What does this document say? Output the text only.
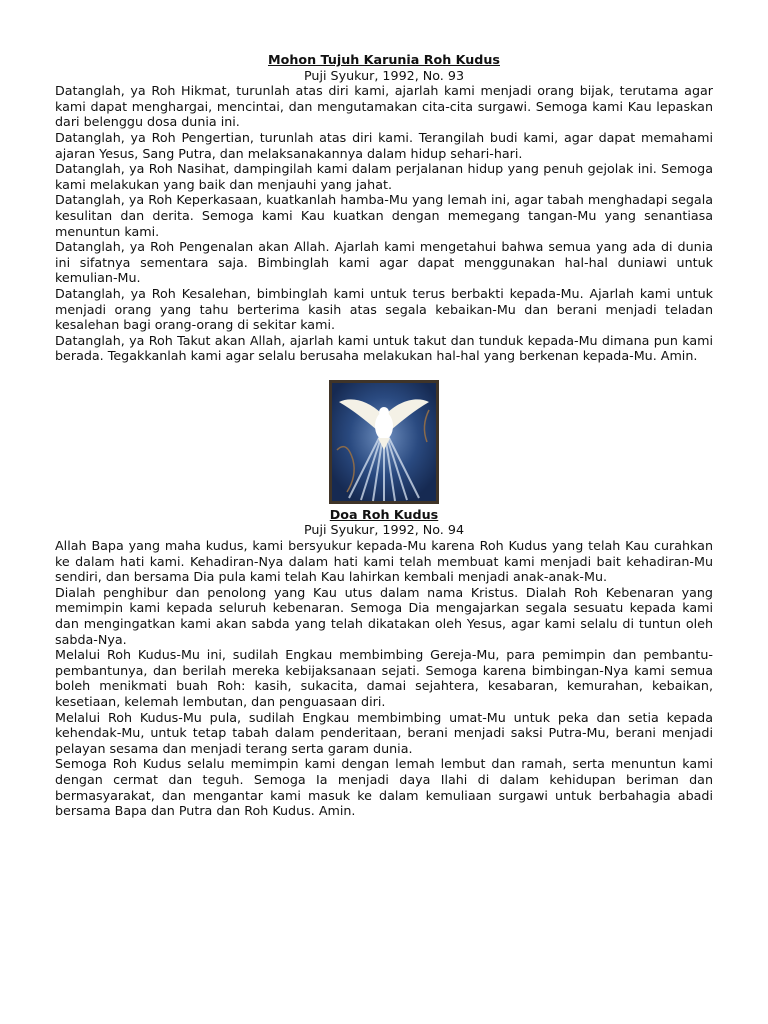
Mohon Tujuh Karunia Roh Kudus

Puji Syukur, 1992, No. 93

Datanglah, ya Roh Hikmat, turunlah atas diri kami, ajarlah kami menjadi orang bijak, terutama agar kami dapat menghargai, mencintai, dan mengutamakan cita-cita surgawi. Semoga kami Kau lepaskan dari belenggu dosa dunia ini.

Datanglah, ya Roh Pengertian, turunlah atas diri kami. Terangilah budi kami, agar dapat memahami ajaran Yesus, Sang Putra, dan melaksanakannya dalam hidup sehari-hari.

Datanglah, ya Roh Nasihat, dampingilah kami dalam perjalanan hidup yang penuh gejolak ini. Semoga kami melakukan yang baik dan menjauhi yang jahat.

Datanglah, ya Roh Keperkasaan, kuatkanlah hamba-Mu yang lemah ini, agar tabah menghadapi segala kesulitan dan derita. Semoga kami Kau kuatkan dengan memegang tangan-Mu yang senantiasa menuntun kami.

Datanglah, ya Roh Pengenalan akan Allah. Ajarlah kami mengetahui bahwa semua yang ada di dunia ini sifatnya sementara saja. Bimbinglah kami agar dapat menggunakan hal-hal duniawi untuk kemulian-Mu.

Datanglah, ya Roh Kesalehan, bimbinglah kami untuk terus berbakti kepada-Mu. Ajarlah kami untuk menjadi orang yang tahu berterima kasih atas segala kebaikan-Mu dan berani menjadi teladan kesalehan bagi orang-orang di sekitar kami.

Datanglah, ya Roh Takut akan Allah, ajarlah kami untuk takut dan tunduk kepada-Mu dimana pun kami berada. Tegakkanlah kami agar selalu berusaha melakukan hal-hal yang berkenan kepada-Mu. Amin.

Doa Roh Kudus

Puji Syukur, 1992, No. 94

Allah Bapa yang maha kudus, kami bersyukur kepada-Mu karena Roh Kudus yang telah Kau curahkan ke dalam hati kami. Kehadiran-Nya dalam hati kami telah membuat kami menjadi bait kehadiran-Mu sendiri, dan bersama Dia pula kami telah Kau lahirkan kembali menjadi anak-anak-Mu.

Dialah penghibur dan penolong yang Kau utus dalam nama Kristus. Dialah Roh Kebenaran yang memimpin kami kepada seluruh kebenaran. Semoga Dia mengajarkan segala sesuatu kepada kami dan mengingatkan kami akan sabda yang telah dikatakan oleh Yesus, agar kami selalu di tuntun oleh sabda-Nya.

Melalui Roh Kudus-Mu ini, sudilah Engkau membimbing Gereja-Mu, para pemimpin dan pembantu-pembantunya, dan berilah mereka kebijaksanaan sejati. Semoga karena bimbingan-Nya kami semua boleh menikmati buah Roh: kasih, sukacita, damai sejahtera, kesabaran, kemurahan, kebaikan, kesetiaan, kelemah lembutan, dan penguasaan diri.

Melalui Roh Kudus-Mu pula, sudilah Engkau membimbing umat-Mu untuk peka dan setia kepada kehendak-Mu, untuk tetap tabah dalam penderitaan, berani menjadi saksi Putra-Mu, berani menjadi pelayan sesama dan menjadi terang serta garam dunia.

Semoga Roh Kudus selalu memimpin kami dengan lemah lembut dan ramah, serta menuntun kami dengan cermat dan teguh. Semoga Ia menjadi daya Ilahi di dalam kehidupan beriman dan bermasyarakat, dan mengantar kami masuk ke dalam kemuliaan surgawi untuk berbahagia abadi bersama Bapa dan Putra dan Roh Kudus. Amin.
